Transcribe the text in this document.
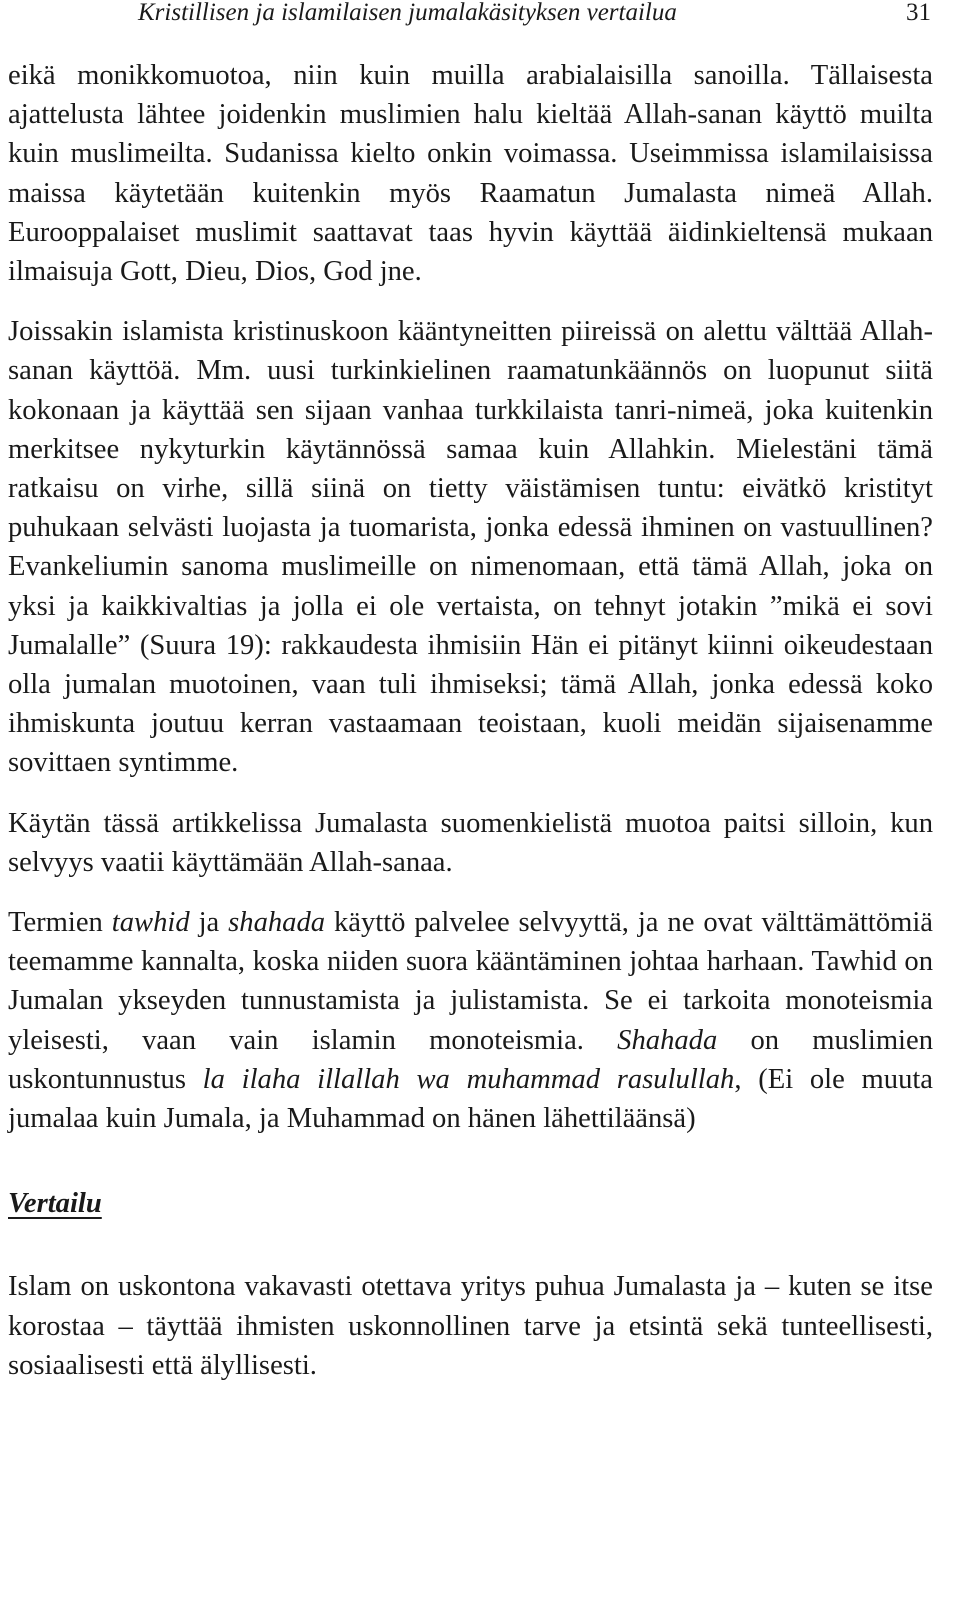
Kristillisen ja islamilaisen jumalakäsityksen vertailua	31

eikä monikkomuotoa, niin kuin muilla arabialaisilla sanoilla. Tällaisesta ajattelusta lähtee joidenkin muslimien halu kieltää Allah-sanan käyttö muilta kuin muslimeilta. Sudanissa kielto onkin voimassa. Useimmissa islamilaisissa maissa käytetään kuitenkin myös Raamatun Jumalasta nimeä Allah. Eurooppalaiset muslimit saattavat taas hyvin käyttää äidinkieltensä mukaan ilmaisuja Gott, Dieu, Dios, God jne.

Joissakin islamista kristinuskoon kääntyneitten piireissä on alettu välttää Allah-sanan käyttöä. Mm. uusi turkinkielinen raamatunkäännös on luopunut siitä kokonaan ja käyttää sen sijaan vanhaa turkkilaista tanri-nimeä, joka kuitenkin merkitsee nykyturkin käytännössä samaa kuin Allahkin. Mielestäni tämä ratkaisu on virhe, sillä siinä on tietty väistämisen tuntu: eivätkö kristityt puhukaan selvästi luojasta ja tuomarista, jonka edessä ihminen on vastuullinen? Evankeliumin sanoma muslimeille on nimenomaan, että tämä Allah, joka on yksi ja kaikkivaltias ja jolla ei ole vertaista, on tehnyt jotakin ”mikä ei sovi Jumalalle” (Suura 19): rakkaudesta ihmisiin Hän ei pitänyt kiinni oikeudestaan olla jumalan muotoinen, vaan tuli ihmiseksi; tämä Allah, jonka edessä koko ihmiskunta joutuu kerran vastaamaan teoistaan, kuoli meidän sijaisenamme sovittaen syntimme.

Käytän tässä artikkelissa Jumalasta suomenkielistä muotoa paitsi silloin, kun selvyys vaatii käyttämään Allah-sanaa.

Termien tawhid ja shahada käyttö palvelee selvyyttä, ja ne ovat välttämättömiä teemamme kannalta, koska niiden suora kääntäminen johtaa harhaan. Tawhid on Jumalan ykseyden tunnustamista ja julistamista. Se ei tarkoita monoteismia yleisesti, vaan vain islamin monoteismia. Shahada on muslimien uskontunnustus la ilaha illallah wa muhammad rasulullah, (Ei ole muuta jumalaa kuin Jumala, ja Muhammad on hänen lähettiläänsä)

Vertailu

Islam on uskontona vakavasti otettava yritys puhua Jumalasta ja – kuten se itse korostaa – täyttää ihmisten uskonnollinen tarve ja etsintä sekä tunteellisesti, sosiaalisesti että älyllisesti.
